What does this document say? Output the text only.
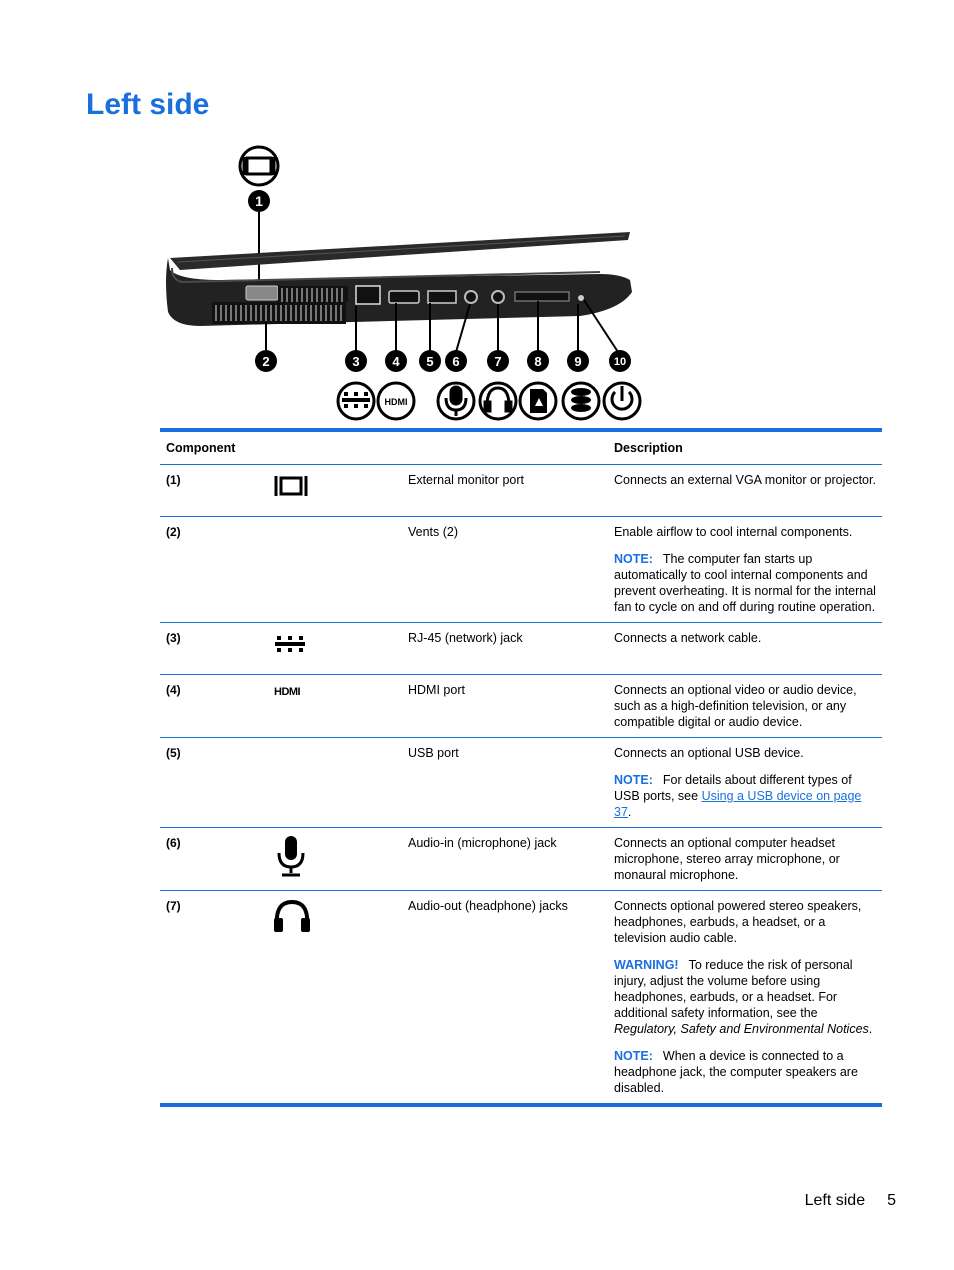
Left side
1
2	3	4 5 6	7	8	9	10
HDMI
Component			Description
(1)		External monitor port	Connects an external VGA monitor or projector.
(2)		Vents (2)	Enable airflow to cool internal components.

NOTE: The computer fan starts up automatically to cool internal components and prevent overheating. It is normal for the internal fan to cycle on and off during routine operation.

(3)		RJ-45 (network) jack	Connects a network cable.
(4)	HDMI	HDMI port	Connects an optional video or audio device, such as a high-definition television, or any compatible digital or audio device.
(5)		USB port	Connects an optional USB device.

NOTE: For details about different types of USB ports, see Using a USB device on page 37.

(6)		Audio-in (microphone) jack	Connects an optional computer headset microphone, stereo array microphone, or monaural microphone.
(7)		Audio-out (headphone) jacks	Connects optional powered stereo speakers, headphones, earbuds, a headset, or a television audio cable.

WARNING! To reduce the risk of personal injury, adjust the volume before using headphones, earbuds, or a headset. For additional safety information, see the Regulatory, Safety and Environmental Notices.

NOTE: When a device is connected to a headphone jack, the computer speakers are disabled.

Left side 5
